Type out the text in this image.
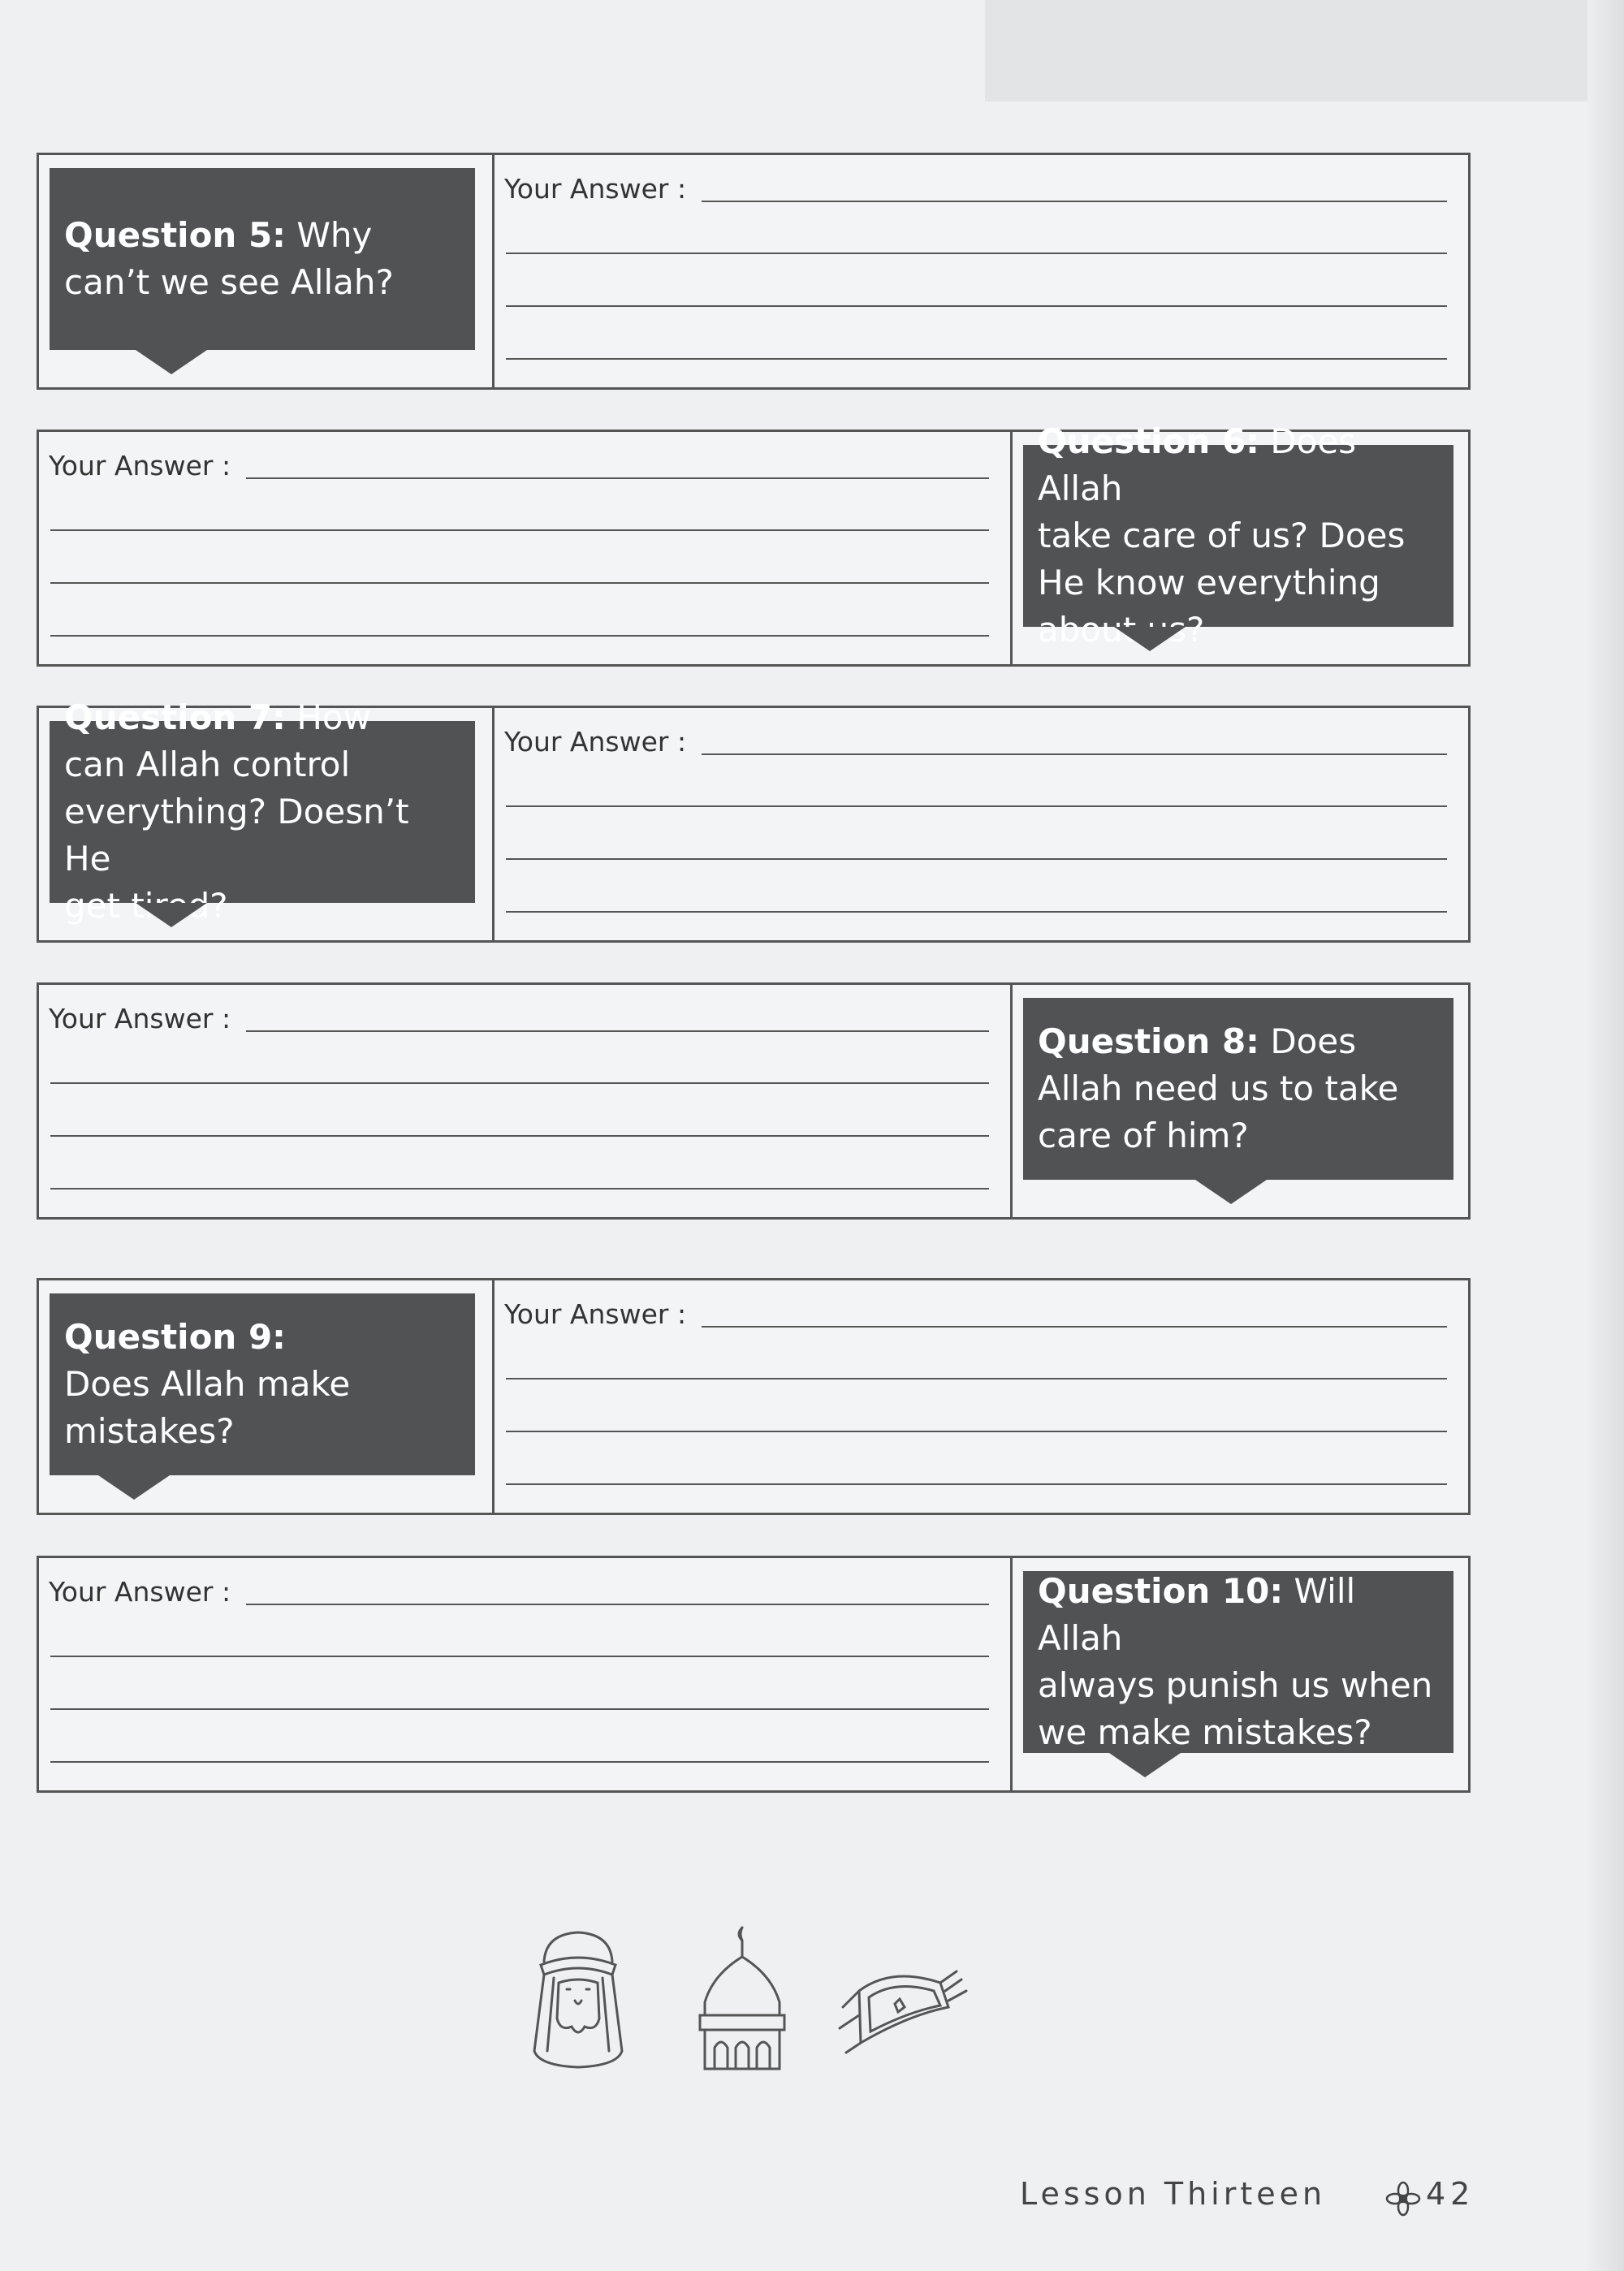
Question 5: Why
can’t we see Allah?
Your Answer :
Question 6: Does Allah
take care of us? Does
He know everything
about us?
Your Answer :
Question 7: How
can Allah control
everything? Doesn’t He
get tired?
Your Answer :
Question 8: Does
Allah need us to take
care of him?
Your Answer :
Question 9:
Does Allah make
mistakes?
Your Answer :
Question 10: Will Allah
always punish us when
we make mistakes?
Your Answer :
Lesson Thirteen	42
